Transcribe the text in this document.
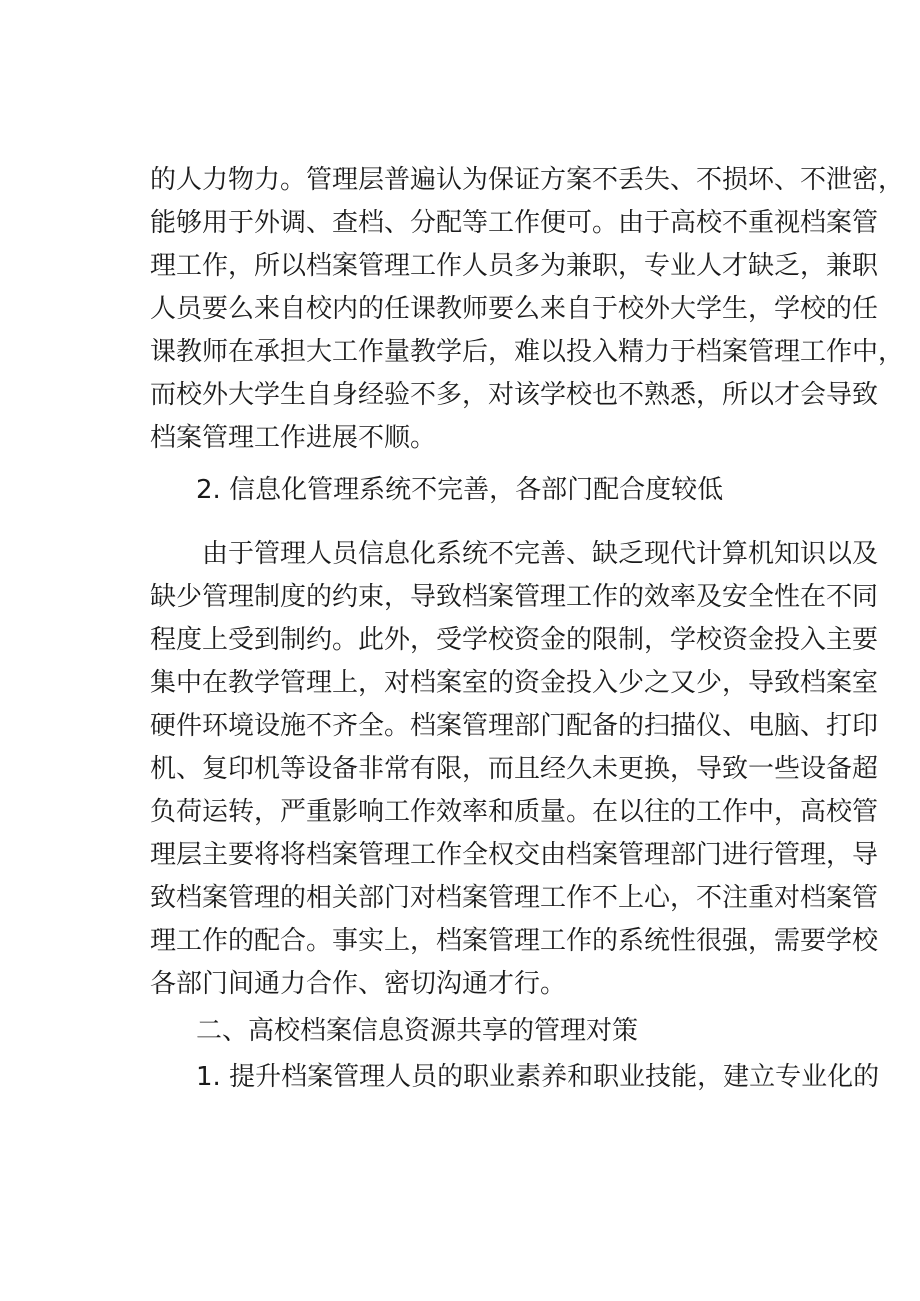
的人力物力。管理层普遍认为保证方案不丢失、不损坏、不泄密，
能够用于外调、查档、分配等工作便可。由于高校不重视档案管
理工作，所以档案管理工作人员多为兼职，专业人才缺乏，兼职
人员要么来自校内的任课教师要么来自于校外大学生，学校的任
课教师在承担大工作量教学后，难以投入精力于档案管理工作中，
而校外大学生自身经验不多，对该学校也不熟悉，所以才会导致
档案管理工作进展不顺。
2. 信息化管理系统不完善，各部门配合度较低
由于管理人员信息化系统不完善、缺乏现代计算机知识以及
缺少管理制度的约束，导致档案管理工作的效率及安全性在不同
程度上受到制约。此外，受学校资金的限制，学校资金投入主要
集中在教学管理上，对档案室的资金投入少之又少，导致档案室
硬件环境设施不齐全。档案管理部门配备的扫描仪、电脑、打印
机、复印机等设备非常有限，而且经久未更换，导致一些设备超
负荷运转，严重影响工作效率和质量。在以往的工作中，高校管
理层主要将将档案管理工作全权交由档案管理部门进行管理，导
致档案管理的相关部门对档案管理工作不上心，不注重对档案管
理工作的配合。事实上，档案管理工作的系统性很强，需要学校
各部门间通力合作、密切沟通才行。
二、高校档案信息资源共享的管理对策
1. 提升档案管理人员的职业素养和职业技能，建立专业化的
